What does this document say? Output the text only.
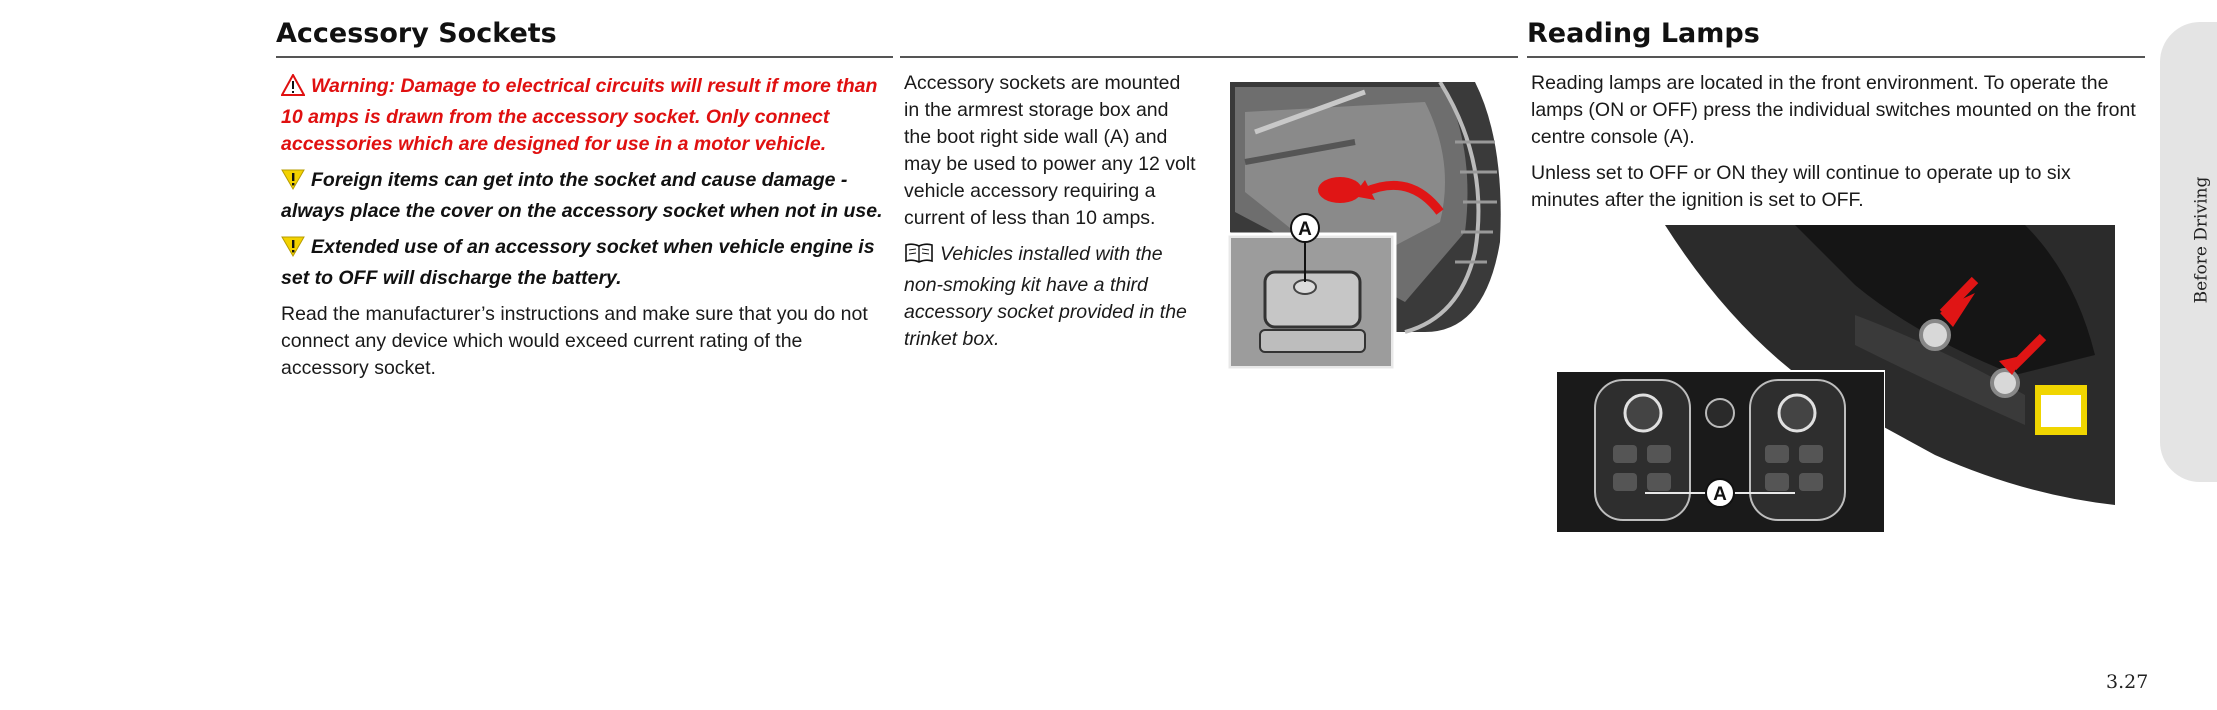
Accessory Sockets	Reading Lamps

Warning: Damage to electrical circuits will result if more than 10 amps is drawn from the accessory socket. Only connect accessories which are designed for use in a motor vehicle.

Foreign items can get into the socket and cause damage - always place the cover on the accessory socket when not in use.

Extended use of an accessory socket when vehicle engine is set to OFF will discharge the battery.

Read the manufacturer’s instructions and make sure that you do not connect any device which would exceed current rating of the accessory socket.

Accessory sockets are mounted in the armrest storage box and the boot right side wall (A) and may be used to power any 12 volt vehicle accessory requiring a current of less than 10 amps.

Vehicles installed with the non-smoking kit have a third accessory socket provided in the trinket box.

A

Reading lamps are located in the front environment. To operate the lamps (ON or OFF) press the individual switches mounted on the front centre console (A).

Unless set to OFF or ON they will continue to operate up to six minutes after the ignition is set to OFF.

A
Before Driving
3.27
